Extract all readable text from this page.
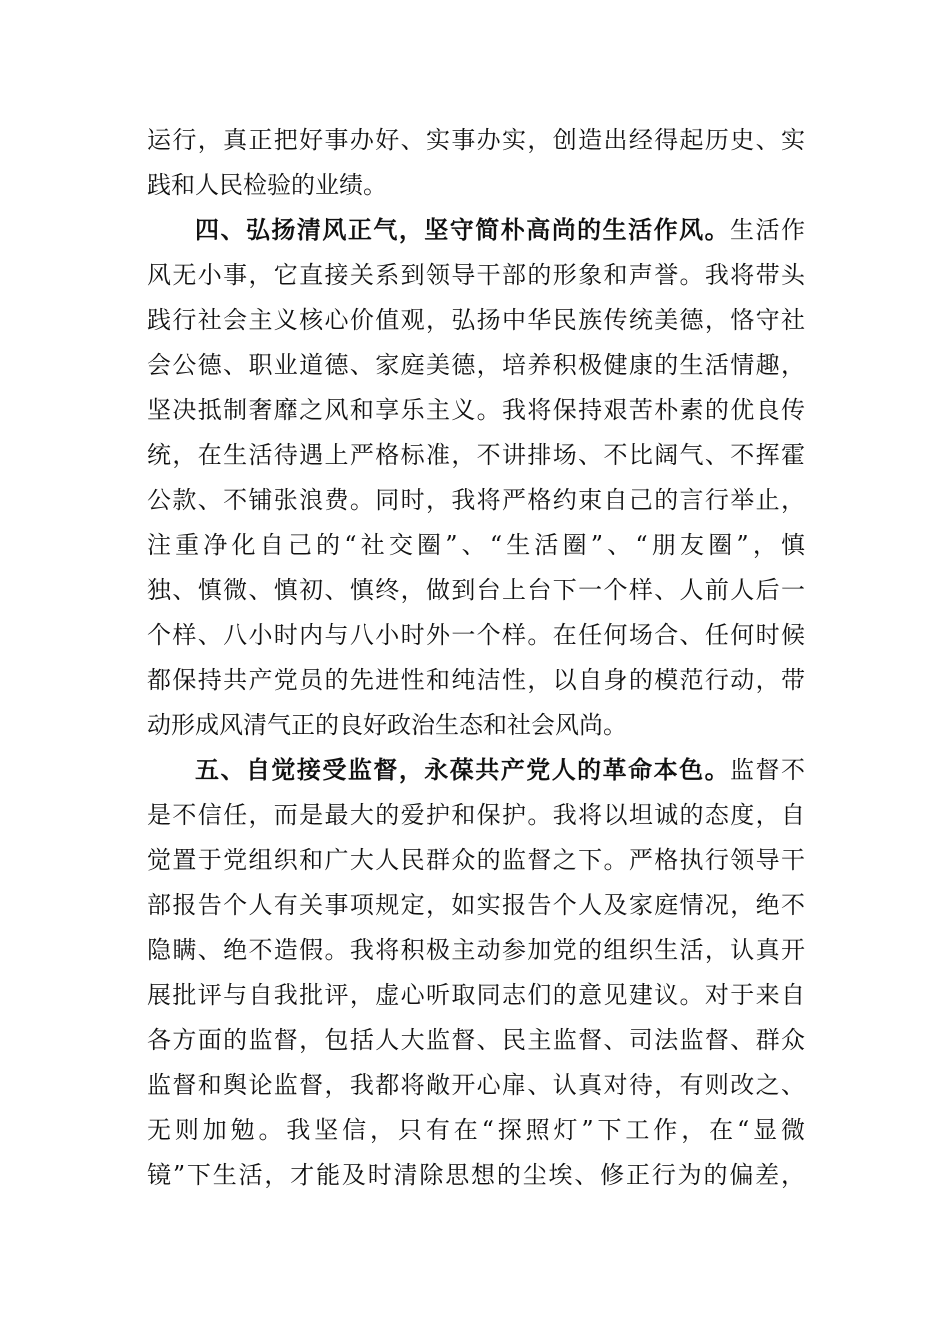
运行，真正把好事办好、实事办实，创造出经得起历史、实
践和人民检验的业绩。
四、弘扬清风正气，坚守简朴高尚的生活作风。生活作
风无小事，它直接关系到领导干部的形象和声誉。我将带头
践行社会主义核心价值观，弘扬中华民族传统美德，恪守社
会公德、职业道德、家庭美德，培养积极健康的生活情趣，
坚决抵制奢靡之风和享乐主义。我将保持艰苦朴素的优良传
统，在生活待遇上严格标准，不讲排场、不比阔气、不挥霍
公款、不铺张浪费。同时，我将严格约束自己的言行举止，
注重净化自己的“社交圈”、“生活圈”、“朋友圈”，慎
独、慎微、慎初、慎终，做到台上台下一个样、人前人后一
个样、八小时内与八小时外一个样。在任何场合、任何时候
都保持共产党员的先进性和纯洁性，以自身的模范行动，带
动形成风清气正的良好政治生态和社会风尚。
五、自觉接受监督，永葆共产党人的革命本色。监督不
是不信任，而是最大的爱护和保护。我将以坦诚的态度，自
觉置于党组织和广大人民群众的监督之下。严格执行领导干
部报告个人有关事项规定，如实报告个人及家庭情况，绝不
隐瞒、绝不造假。我将积极主动参加党的组织生活，认真开
展批评与自我批评，虚心听取同志们的意见建议。对于来自
各方面的监督，包括人大监督、民主监督、司法监督、群众
监督和舆论监督，我都将敞开心扉、认真对待，有则改之、
无则加勉。我坚信，只有在“探照灯”下工作，在“显微
镜”下生活，才能及时清除思想的尘埃、修正行为的偏差，
